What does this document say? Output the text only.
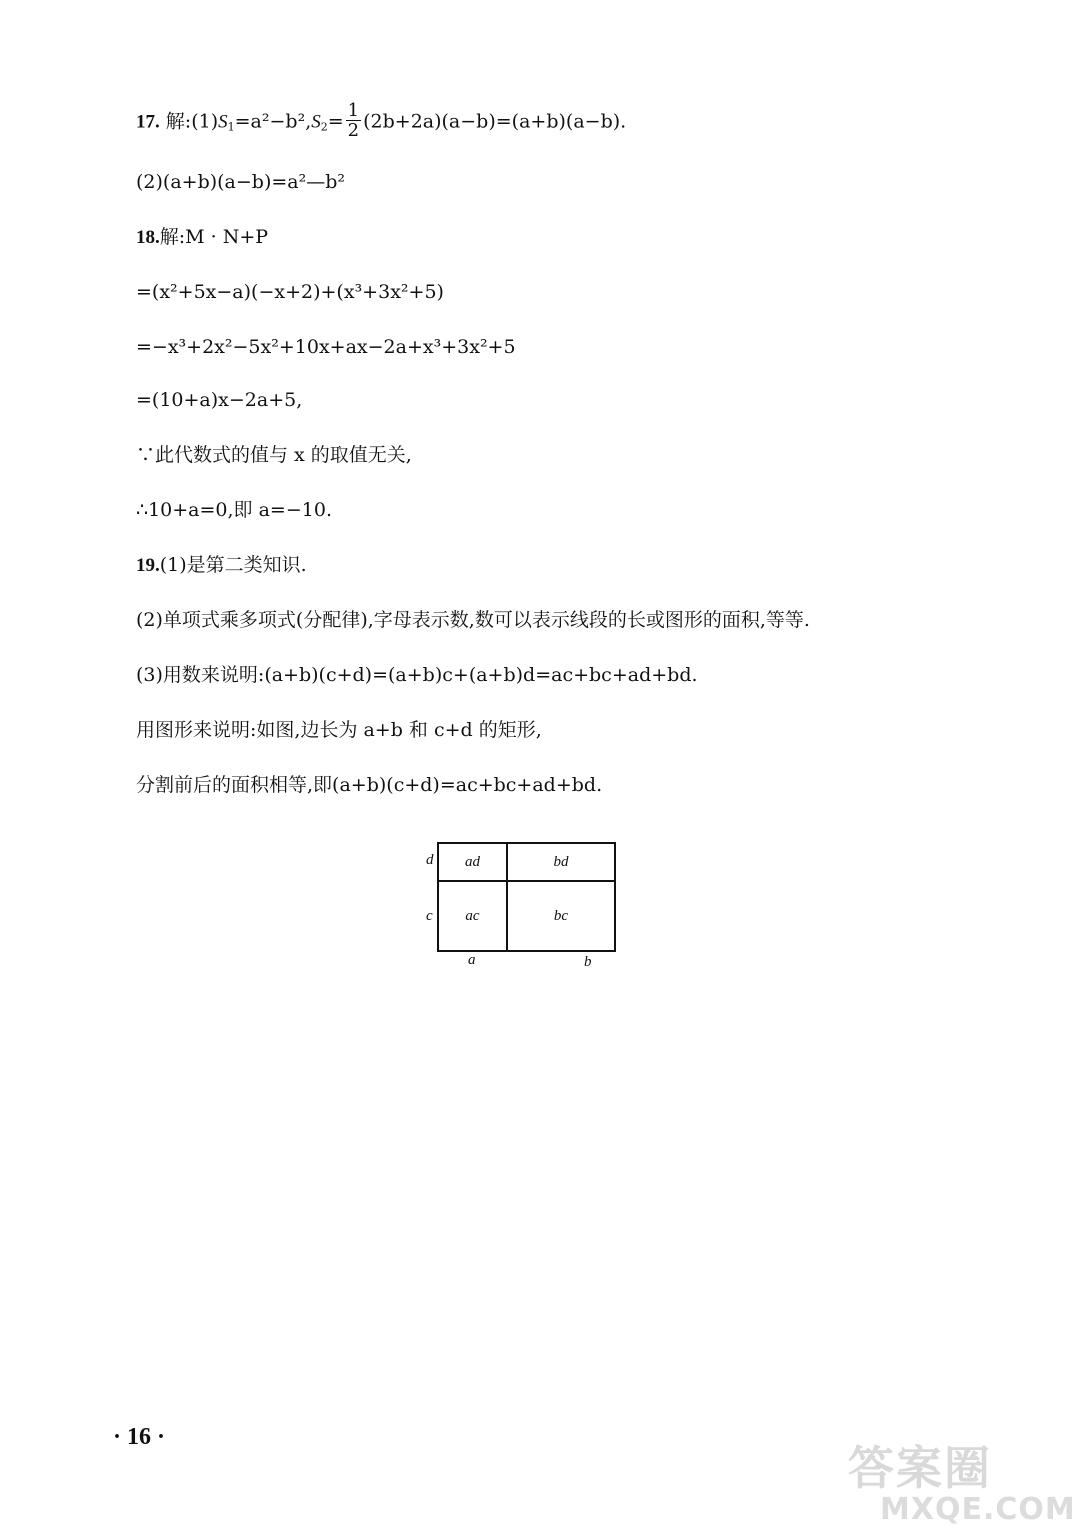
17. 解$:(1)S_1=a^2-b^2,S_2= \frac{1}{2} (2b+2a)(a-b)=(a+b)(a-b)$.
(2)(a+b)(a−b)=a²—b²
18.解:M · N+P
=(x²+5x−a)(−x+2)+(x³+3x²+5)
=−x³+2x²−5x²+10x+ax−2a+x³+3x²+5
=(10+a)x−2a+5,
∵此代数式的值与 x 的取值无关,
∴10+a=0,即 a=−10.
19.(1)是第二类知识.
(2)单项式乘多项式(分配律),字母表示数,数可以表示线段的长或图形的面积,等等.
(3)用数来说明:(a+b)(c+d)=(a+b)c+(a+b)d=ac+bc+ad+bd.
用图形来说明:如图,边长为 a+b 和 c+d 的矩形,
分割前后的面积相等,即(a+b)(c+d)=ac+bc+ad+bd.
ad	bd
ac	bc
d
c
a	b
· 16 ·
答案圈
MXQE.COM
